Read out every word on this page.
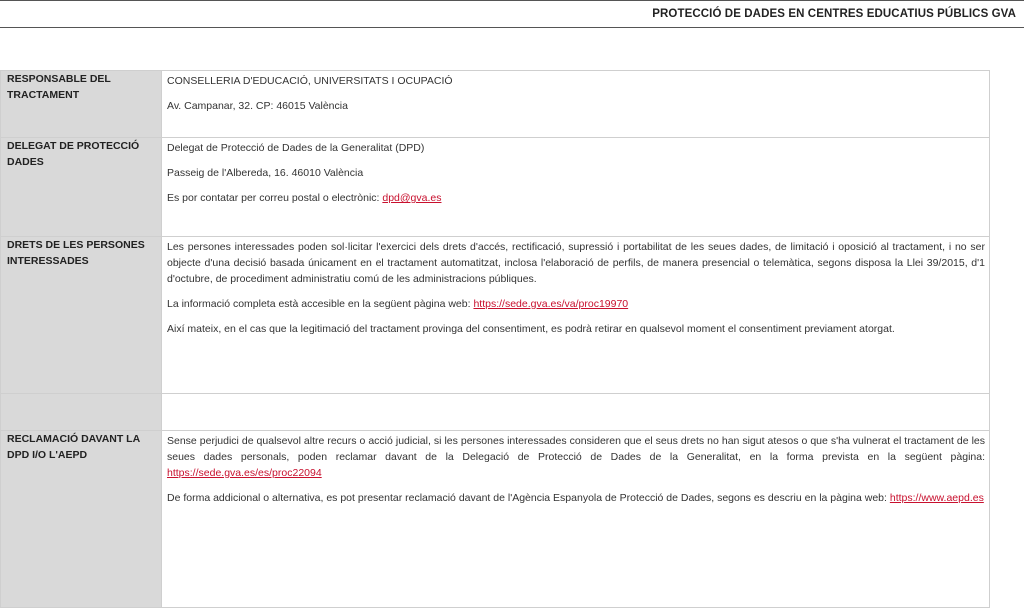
PROTECCIÓ DE DADES EN CENTRES EDUCATIUS PÚBLICS GVA
RESPONSABLE DEL TRACTAMENT	CONSELLERIA D'EDUCACIÓ, UNIVERSITATS I OCUPACIÓ

Av. Campanar, 32. CP: 46015 València

DELEGAT DE PROTECCIÓ DADES	Delegat de Protecció de Dades de la Generalitat (DPD)

Passeig de l'Albereda, 16. 46010 València

Es por contatar per correu postal o electrònic: dpd@gva.es

DRETS DE LES PERSONES INTERESSADES	Les persones interessades poden sol·licitar l'exercici dels drets d'accés, rectificació, supressió i portabilitat de les seues dades, de limitació i oposició al tractament, i no ser objecte d'una decisió basada únicament en el tractament automatitzat, inclosa l'elaboració de perfils, de manera presencial o telemàtica, segons disposa la Llei 39/2015, d'1 d'octubre, de procediment administratiu comú de les administracions públiques.

La informació completa està accesible en la següent pàgina web: https://sede.gva.es/va/proc19970

Així mateix, en el cas que la legitimació del tractament provinga del consentiment, es podrà retirar en qualsevol moment el consentiment previament atorgat.

RECLAMACIÓ DAVANT LA DPD I/O L'AEPD	Sense perjudici de qualsevol altre recurs o acció judicial, si les persones interessades consideren que el seus drets no han sigut atesos o que s'ha vulnerat el tractament de les seues dades personals, poden reclamar davant de la Delegació de Protecció de Dades de la Generalitat, en la forma prevista en la següent pàgina: https://sede.gva.es/es/proc22094

De forma addicional o alternativa, es pot presentar reclamació davant de l'Agència Espanyola de Protecció de Dades, segons es descriu en la pàgina web: https://www.aepd.es
